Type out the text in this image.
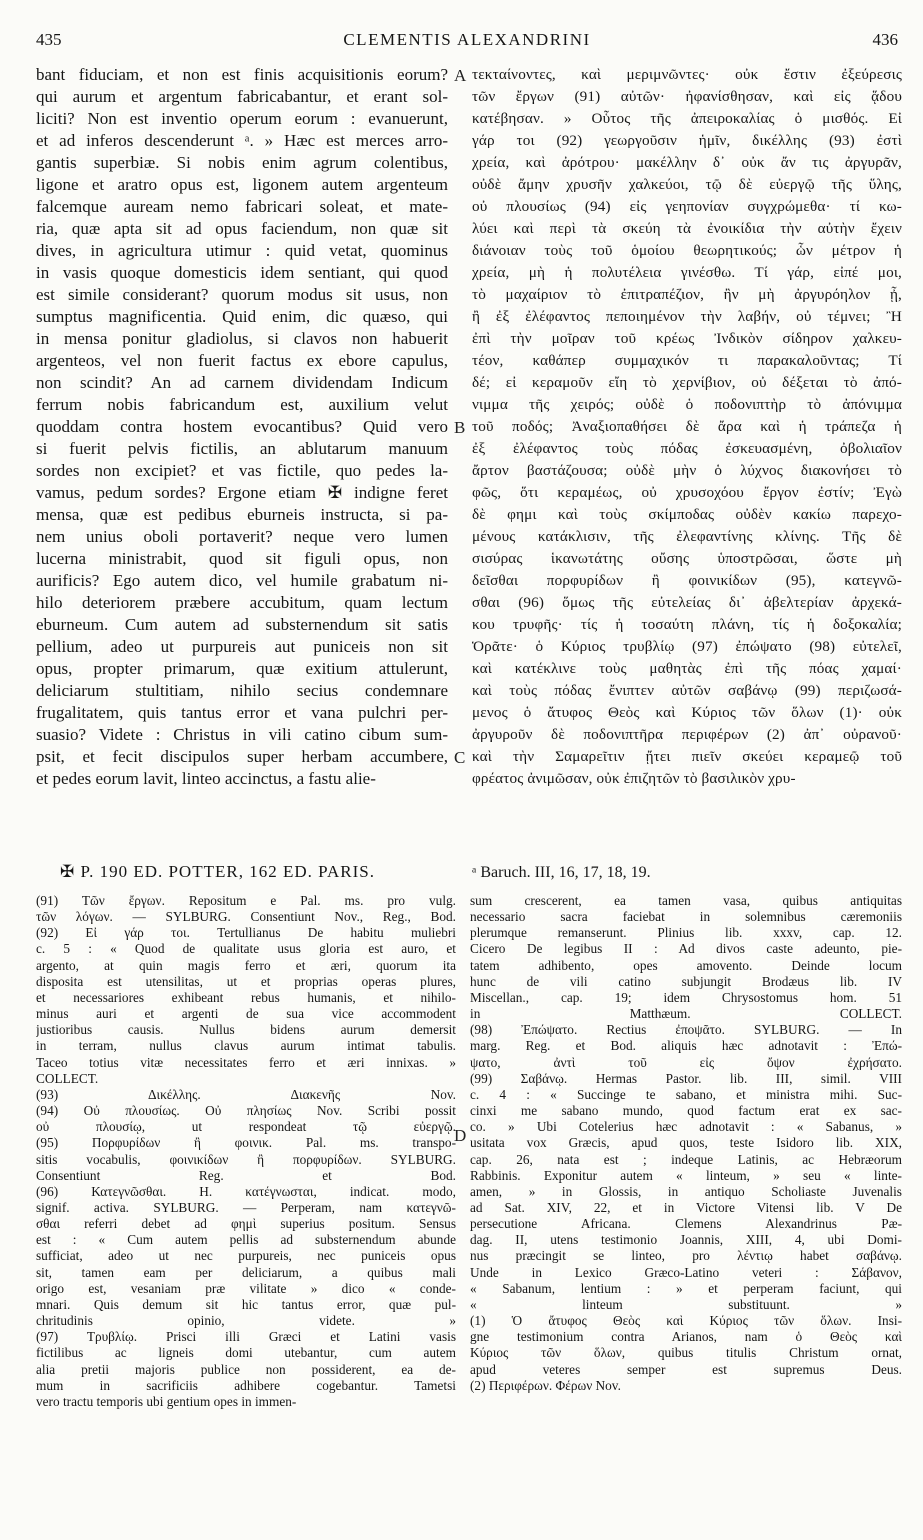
CLEMENTIS ALEXANDRINI
435	436
bant fiduciam, et non est finis acquisitionis eorum?
qui aurum et argentum fabricabantur, et erant sol-
liciti? Non est inventio operum eorum : evanuerunt,
et ad inferos descenderunt ᵃ. » Hæc est merces arro-
gantis superbiæ. Si nobis enim agrum colentibus,
ligone et aratro opus est, ligonem autem argenteum
falcemque auream nemo fabricari soleat, et mate-
ria, quæ apta sit ad opus faciendum, non quæ sit
dives, in agricultura utimur : quid vetat, quominus
in vasis quoque domesticis idem sentiant, qui quod
est simile considerant? quorum modus sit usus, non
sumptus magnificentia. Quid enim, dic quæso, qui
in mensa ponitur gladiolus, si clavos non habuerit
argenteos, vel non fuerit factus ex ebore capulus,
non scindit? An ad carnem dividendam Indicum
ferrum nobis fabricandum est, auxilium velut
quoddam contra hostem evocantibus? Quid vero
si fuerit pelvis fictilis, an ablutarum manuum
sordes non excipiet? et vas fictile, quo pedes la-
vamus, pedum sordes? Ergone etiam ✠ indigne feret
mensa, quæ est pedibus eburneis instructa, si pa-
nem unius oboli portaverit? neque vero lumen
lucerna ministrabit, quod sit figuli opus, non
aurificis? Ego autem dico, vel humile grabatum ni-
hilo deteriorem præbere accubitum, quam lectum
eburneum. Cum autem ad substernendum sit satis
pellium, adeo ut purpureis aut puniceis non sit
opus, propter primarum, quæ exitium attulerunt,
deliciarum stultitiam, nihilo secius condemnare
frugalitatem, quis tantus error et vana pulchri per-
suasio? Videte : Christus in vili catino cibum sum-
psit, et fecit discipulos super herbam accumbere,
et pedes eorum lavit, linteo accinctus, a fastu alie-
τεκταίνοντες, καὶ μεριμνῶντες· οὐκ ἔστιν ἐξεύρεσις
τῶν ἔργων (91) αὐτῶν· ἠφανίσθησαν, καὶ εἰς ᾅδου
κατέβησαν. » Οὗτος τῆς ἀπειροκαλίας ὁ μισθός. Εἰ
γάρ τοι (92) γεωργοῦσιν ἡμῖν, δικέλλης (93) ἐστὶ
χρεία, καὶ ἀρότρου· μακέλλην δ᾽ οὐκ ἄν τις ἀργυρᾶν,
οὐδὲ ἄμην χρυσῆν χαλκεύοι, τῷ δὲ εὐεργῷ τῆς ὕλης,
οὐ πλουσίως (94) εἰς γεηπονίαν συγχρώμεθα· τί κω-
λύει καὶ περὶ τὰ σκεύη τὰ ἐνοικίδια τὴν αὐτὴν ἔχειν
διάνοιαν τοὺς τοῦ ὁμοίου θεωρητικούς; ὧν μέτρον ἡ
χρεία, μὴ ἡ πολυτέλεια γινέσθω. Τί γάρ, εἰπέ μοι,
τὸ μαχαίριον τὸ ἐπιτραπέζιον, ἢν μὴ ἀργυρόηλον ᾖ,
ἢ ἐξ ἐλέφαντος πεποιημένον τὴν λαβήν, οὐ τέμνει; Ἢ
ἐπὶ τὴν μοῖραν τοῦ κρέως Ἰνδικὸν σίδηρον χαλκευ-
τέον, καθάπερ συμμαχικόν τι παρακαλοῦντας; Τί
δέ; εἰ κεραμοῦν εἴη τὸ χερνίβιον, οὐ δέξεται τὸ ἀπό-
νιμμα τῆς χειρός; οὐδὲ ὁ ποδονιπτὴρ τὸ ἀπόνιμμα
τοῦ ποδός; Ἀναξιοπαθήσει δὲ ἄρα καὶ ἡ τράπεζα ἡ
ἐξ ἐλέφαντος τοὺς πόδας ἐσκευασμένη, ὀβολιαῖον
ἄρτον βαστάζουσα; οὐδὲ μὴν ὁ λύχνος διακονήσει τὸ
φῶς, ὅτι κεραμέως, οὐ χρυσοχόου ἔργον ἐστίν; Ἐγὼ
δὲ φημι καὶ τοὺς σκίμποδας οὐδὲν κακίω παρεχο-
μένους κατάκλισιν, τῆς ἐλεφαντίνης κλίνης. Τῆς δὲ
σισύρας ἱκανωτάτης οὔσης ὑποστρῶσαι, ὥστε μὴ
δεῖσθαι πορφυρίδων ἢ φοινικίδων (95), κατεγνῶ-
σθαι (96) ὅμως τῆς εὐτελείας δι᾽ ἀβελτερίαν ἀρχεκά-
κου τρυφῆς· τίς ἡ τοσαύτη πλάνη, τίς ἡ δοξοκαλία;
Ὁρᾶτε· ὁ Κύριος τρυβλίῳ (97) ἐπώψατο (98) εὐτελεῖ,
καὶ κατέκλινε τοὺς μαθητὰς ἐπὶ τῆς πόας χαμαί·
καὶ τοὺς πόδας ἔνιπτεν αὐτῶν σαβάνῳ (99) περιζωσά-
μενος ὁ ἄτυφος Θεὸς καὶ Κύριος τῶν ὅλων (1)· οὐκ
ἀργυροῦν δὲ ποδονιπτῆρα περιφέρων (2) ἀπ᾽ οὐρανοῦ·
καὶ τὴν Σαμαρεῖτιν ᾔτει πιεῖν σκεύει κεραμεῷ τοῦ
φρέατος ἀνιμῶσαν, οὐκ ἐπιζητῶν τὸ βασιλικὸν χρυ-
A
B
C
D
✠ P. 190 ED. POTTER, 162 ED. PARIS.	ᵃ Baruch. III, 16, 17, 18, 19.
(91) Τῶν ἔργων. Repositum e Pal. ms. pro vulg.
τῶν λόγων. — SYLBURG. Consentiunt Nov., Reg., Bod.
(92) Εἰ γάρ τοι. Tertullianus De habitu muliebri
c. 5 : « Quod de qualitate usus gloria est auro, et
argento, at quin magis ferro et æri, quorum ita
disposita est utensilitas, ut et proprias operas plures,
et necessariores exhibeant rebus humanis, et nihilo-
minus auri et argenti de sua vice accommodent
justioribus causis. Nullus bidens aurum demersit
in terram, nullus clavus aurum intimat tabulis.
Taceo totius vitæ necessitates ferro et æri innixas. »
COLLECT.
(93) Δικέλλης. Διακενῆς Nov.
(94) Οὐ πλουσίως. Οὐ πλησίως Nov. Scribi possit
οὐ πλουσίῳ, ut respondeat τῷ εὐεργῷ.
(95) Πορφυρίδων ἢ φοινικ. Pal. ms. transpo-
sitis vocabulis, φοινικίδων ἢ πορφυρίδων. SYLBURG.
Consentiunt Reg. et Bod.
(96) Κατεγνῶσθαι. H. κατέγνωσται, indicat. modo,
signif. activa. SYLBURG. — Perperam, nam κατεγνῶ-
σθαι referri debet ad φημὶ superius positum. Sensus
est : « Cum autem pellis ad substernendum abunde
sufficiat, adeo ut nec purpureis, nec puniceis opus
sit, tamen eam per deliciarum, a quibus mali
origo est, vesaniam præ vilitate » dico « conde-
mnari. Quis demum sit hic tantus error, quæ pul-
chritudinis opinio, videte. »
(97) Τρυβλίῳ. Prisci illi Græci et Latini vasis
fictilibus ac ligneis domi utebantur, cum autem
alia pretii majoris publice non possiderent, ea de-
mum in sacrificiis adhibere cogebantur. Tametsi
vero tractu temporis ubi gentium opes in immen-
sum crescerent, ea tamen vasa, quibus antiquitas
necessario sacra faciebat in solemnibus cæremoniis
plerumque remanserunt. Plinius lib. xxxv, cap. 12.
Cicero De legibus II : Ad divos caste adeunto, pie-
tatem adhibento, opes amovento. Deinde locum
hunc de vili catino subjungit Brodæus lib. IV
Miscellan., cap. 19; idem Chrysostomus hom. 51
in Matthæum. COLLECT.
(98) Ἐπώψατο. Rectius ἐποψᾶτο. SYLBURG. — In
marg. Reg. et Bod. aliquis hæc adnotavit : Ἐπώ-
ψατο, ἀντὶ τοῦ εἰς ὄψον ἐχρήσατο.
(99) Σαβάνῳ. Hermas Pastor. lib. III, simil. VIII
c. 4 : « Succinge te sabano, et ministra mihi. Suc-
cinxi me sabano mundo, quod factum erat ex sac-
co. » Ubi Cotelerius hæc adnotavit : « Sabanus, »
usitata vox Græcis, apud quos, teste Isidoro lib. XIX,
cap. 26, nata est ; indeque Latinis, ac Hebræorum
Rabbinis. Exponitur autem « linteum, » seu « linte-
amen, » in Glossis, in antiquo Scholiaste Juvenalis
ad Sat. XIV, 22, et in Victore Vitensi lib. V De
persecutione Africana. Clemens Alexandrinus Pæ-
dag. II, utens testimonio Joannis, XIII, 4, ubi Domi-
nus præcingit se linteo, pro λέντιῳ habet σαβάνῳ.
Unde in Lexico Græco-Latino veteri : Σάβανον,
« Sabanum, lentium : » et perperam faciunt, qui
« linteum substituunt. »
(1) Ὁ ἄτυφος Θεὸς καὶ Κύριος τῶν ὅλων. Insi-
gne testimonium contra Arianos, nam ὁ Θεὸς καὶ
Κύριος τῶν ὅλων, quibus titulis Christum ornat,
apud veteres semper est supremus Deus.
(2) Περιφέρων. Φέρων Nov.
